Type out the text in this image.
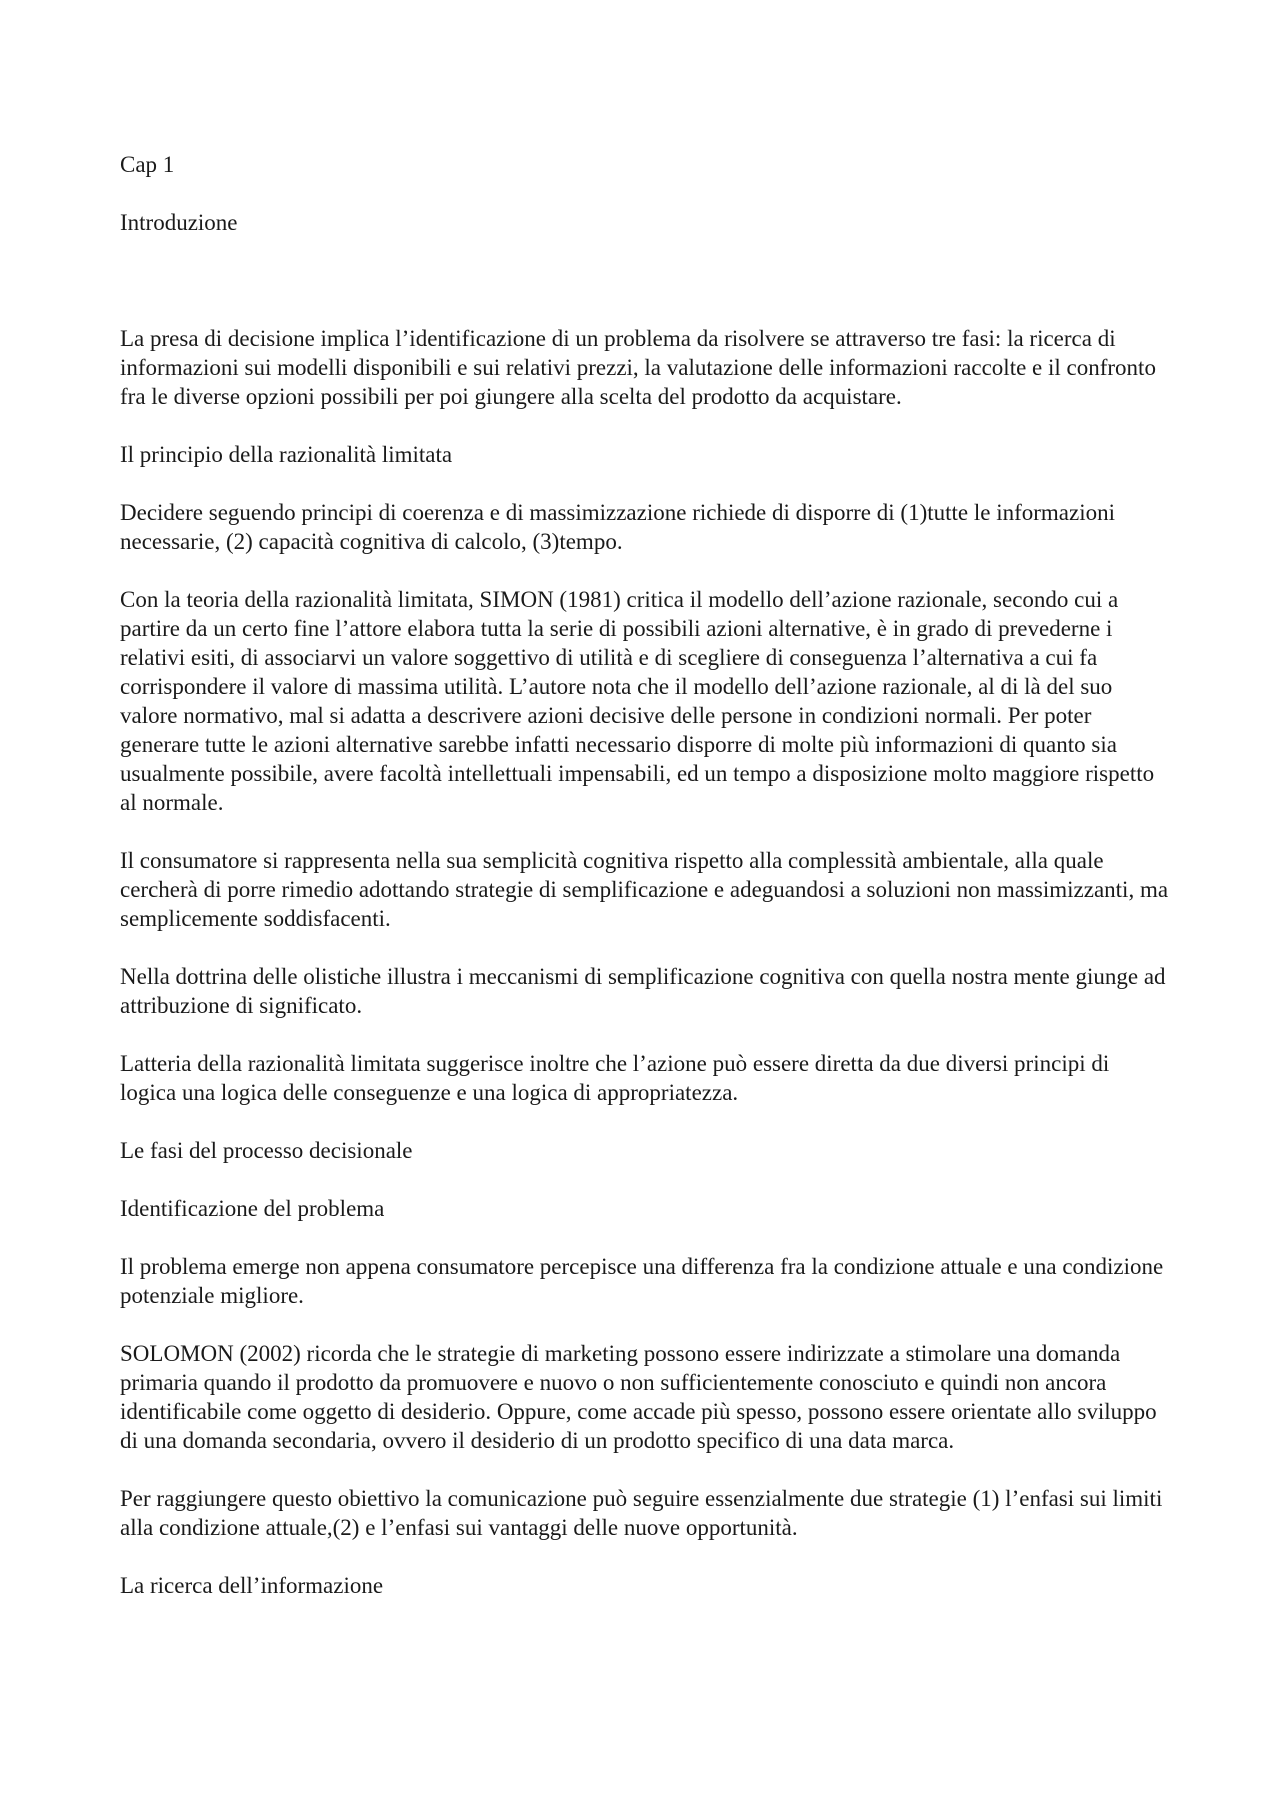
Cap 1

Introduzione

La presa di decisione implica l’identificazione di un problema da risolvere se attraverso tre fasi: la ricerca di informazioni sui modelli disponibili e sui relativi prezzi, la valutazione delle informazioni raccolte e il confronto fra le diverse opzioni possibili per poi giungere alla scelta del prodotto da acquistare.

Il principio della razionalità limitata

Decidere seguendo principi di coerenza e di massimizzazione richiede di disporre di (1)tutte le informazioni necessarie, (2) capacità cognitiva di calcolo, (3)tempo.

Con la teoria della razionalità limitata, SIMON (1981) critica il modello dell’azione razionale, secondo cui a partire da un certo fine l’attore elabora tutta la serie di possibili azioni alternative, è in grado di prevederne i relativi esiti, di associarvi un valore soggettivo di utilità e di scegliere di conseguenza l’alternativa a cui fa corrispondere il valore di massima utilità. L’autore nota che il modello dell’azione razionale, al di là del suo valore normativo, mal si adatta a descrivere azioni decisive delle persone in condizioni normali. Per poter generare tutte le azioni alternative sarebbe infatti necessario disporre di molte più informazioni di quanto sia usualmente possibile, avere facoltà intellettuali impensabili, ed un tempo a disposizione molto maggiore rispetto al normale.

Il consumatore si rappresenta nella sua semplicità cognitiva rispetto alla complessità ambientale, alla quale cercherà di porre rimedio adottando strategie di semplificazione e adeguandosi a soluzioni non massimizzanti, ma semplicemente soddisfacenti.

Nella dottrina delle olistiche illustra i meccanismi di semplificazione cognitiva con quella nostra mente giunge ad attribuzione di significato.

Latteria della razionalità limitata suggerisce inoltre che l’azione può essere diretta da due diversi principi di logica una logica delle conseguenze e una logica di appropriatezza.

Le fasi del processo decisionale

Identificazione del problema

Il problema emerge non appena consumatore percepisce una differenza fra la condizione attuale e una condizione potenziale migliore.

SOLOMON (2002) ricorda che le strategie di marketing possono essere indirizzate a stimolare una domanda primaria quando il prodotto da promuovere e nuovo o non sufficientemente conosciuto e quindi non ancora identificabile come oggetto di desiderio. Oppure, come accade più spesso, possono essere orientate allo sviluppo di una domanda secondaria, ovvero il desiderio di un prodotto specifico di una data marca.

Per raggiungere questo obiettivo la comunicazione può seguire essenzialmente due strategie (1) l’enfasi sui limiti alla condizione attuale,(2) e l’enfasi sui vantaggi delle nuove opportunità.

La ricerca dell’informazione
